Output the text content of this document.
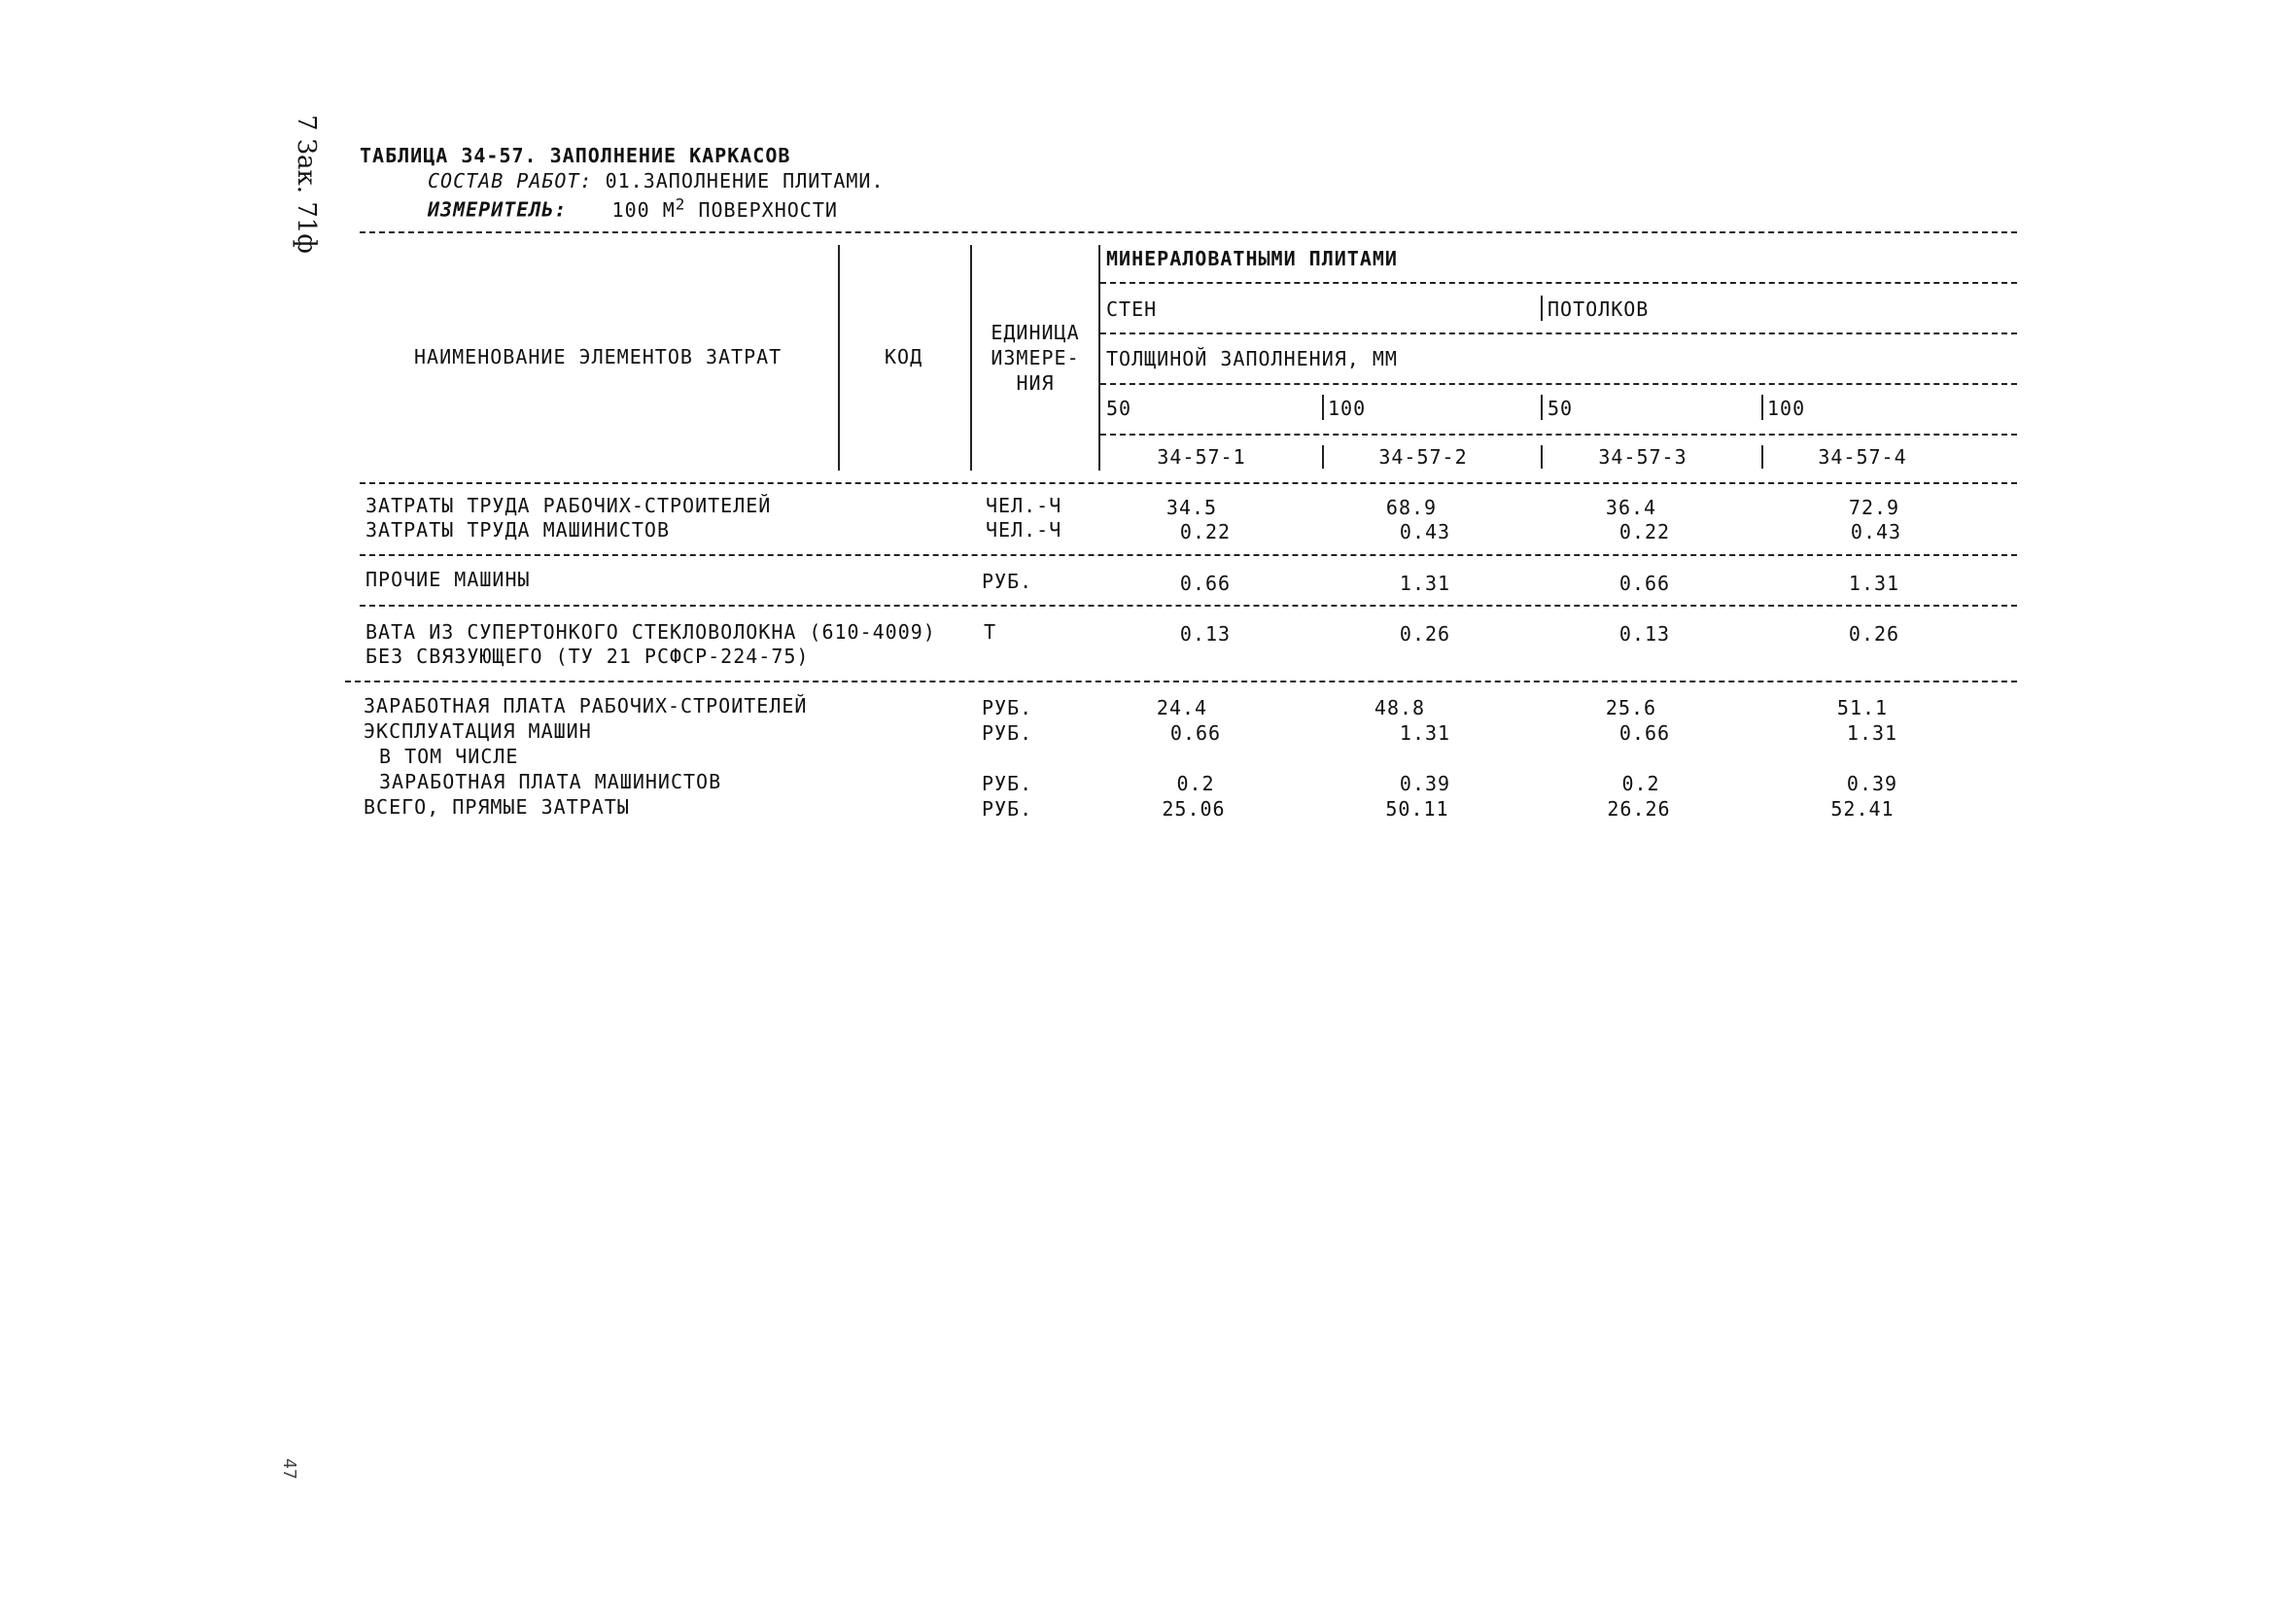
7 Зак. 71ф ТАБЛИЦА 34-57. ЗАПОЛНЕНИЕ КАРКАСОВ
СОСТАВ РАБОТ: 01.ЗАПОЛНЕНИЕ ПЛИТАМИ.
ИЗМЕРИТЕЛЬ: 100 $М^2$ ПОВЕРХНОСТИ
НАИМЕНОВАНИЕ ЭЛЕМЕНТОВ ЗАТРАТ	КОД
ЕДИНИЦА
ИЗМЕРЕ-
НИЯ
МИНЕРАЛОВАТНЫМИ ПЛИТАМИ
СТЕН	ПОТОЛКОВ
ТОЛЩИНОЙ ЗАПОЛНЕНИЯ, ММ
50	100	50	100
34-57-1	34-57-2	34-57-3	34-57-4
ЗАТРАТЫ ТРУДА РАБОЧИХ-СТРОИТЕЛЕЙ	ЧЕЛ.-Ч	34.5	68.9	36.4	72.9
ЗАТРАТЫ ТРУДА МАШИНИСТОВ	ЧЕЛ.-Ч	0.22	0.43	0.22	0.43
ПРОЧИЕ МАШИНЫ	РУБ.	0.66	1.31	0.66	1.31
ВАТА ИЗ СУПЕРТОНКОГО СТЕКЛОВОЛОКНА (610-4009)
БЕЗ СВЯЗУЮЩЕГО (ТУ 21 РСФСР-224-75)
Т	0.13	0.26	0.13	0.26
ЗАРАБОТНАЯ ПЛАТА РАБОЧИХ-СТРОИТЕЛЕЙ	РУБ.	24.4	48.8	25.6	51.1
ЭКСПЛУАТАЦИЯ МАШИН	РУБ.	0.66	1.31	0.66	1.31
В ТОМ ЧИСЛЕ
ЗАРАБОТНАЯ ПЛАТА МАШИНИСТОВ	РУБ.	0.2	0.39	0.2	0.39
ВСЕГО, ПРЯМЫЕ ЗАТРАТЫ	РУБ.	25.06	50.11	26.26	52.41
47
